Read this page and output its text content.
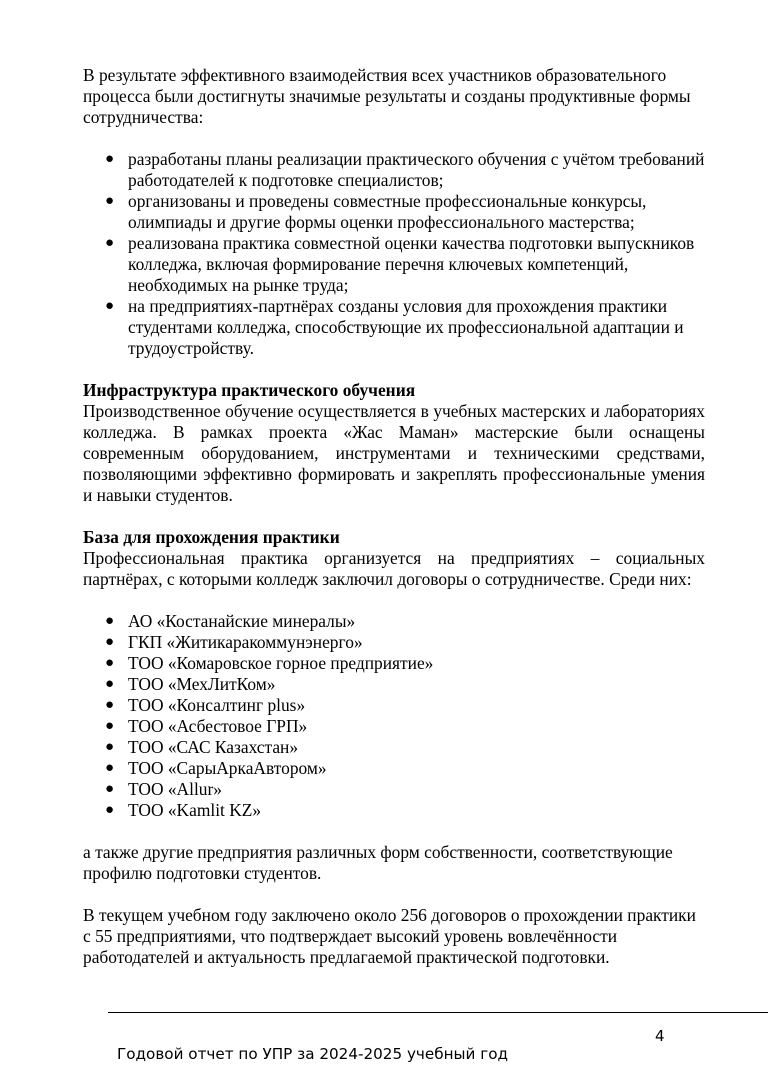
В результате эффективного взаимодействия всех участников образовательного процесса были достигнуты значимые результаты и созданы продуктивные формы сотрудничества:

● разработаны планы реализации практического обучения с учётом требований работодателей к подготовке специалистов;
● организованы и проведены совместные профессиональные конкурсы, олимпиады и другие формы оценки профессионального мастерства;
● реализована практика совместной оценки качества подготовки выпускников колледжа, включая формирование перечня ключевых компетенций, необходимых на рынке труда;
● на предприятиях-партнёрах созданы условия для прохождения практики студентами колледжа, способствующие их профессиональной адаптации и трудоустройству.
Инфраструктура практического обучения

Производственное обучение осуществляется в учебных мастерских и лабораториях колледжа. В рамках проекта «Жас Маман» мастерские были оснащены современным оборудованием, инструментами и техническими средствами, позволяющими эффективно формировать и закреплять профессиональные умения и навыки студентов.

База для прохождения практики

Профессиональная практика организуется на предприятиях – социальных партнёрах, с которыми колледж заключил договоры о сотрудничестве. Среди них:

● АО «Костанайские минералы»
● ГКП «Житикаракоммунэнерго»
● ТОО «Комаровское горное предприятие»
● ТОО «МехЛитКом»
● ТОО «Консалтинг plus»
● ТОО «Асбестовое ГРП»
● ТОО «САС Казахстан»
● ТОО «СарыАркаАвтором»
● ТОО «Allur»
● ТОО «Kamlit KZ»

а также другие предприятия различных форм собственности, соответствующие профилю подготовки студентов.

В текущем учебном году заключено около 256 договоров о прохождении практики с 55 предприятиями, что подтверждает высокий уровень вовлечённости работодателей и актуальность предлагаемой практической подготовки.

4
Годовой отчет по УПР за 2024-2025 учебный год
